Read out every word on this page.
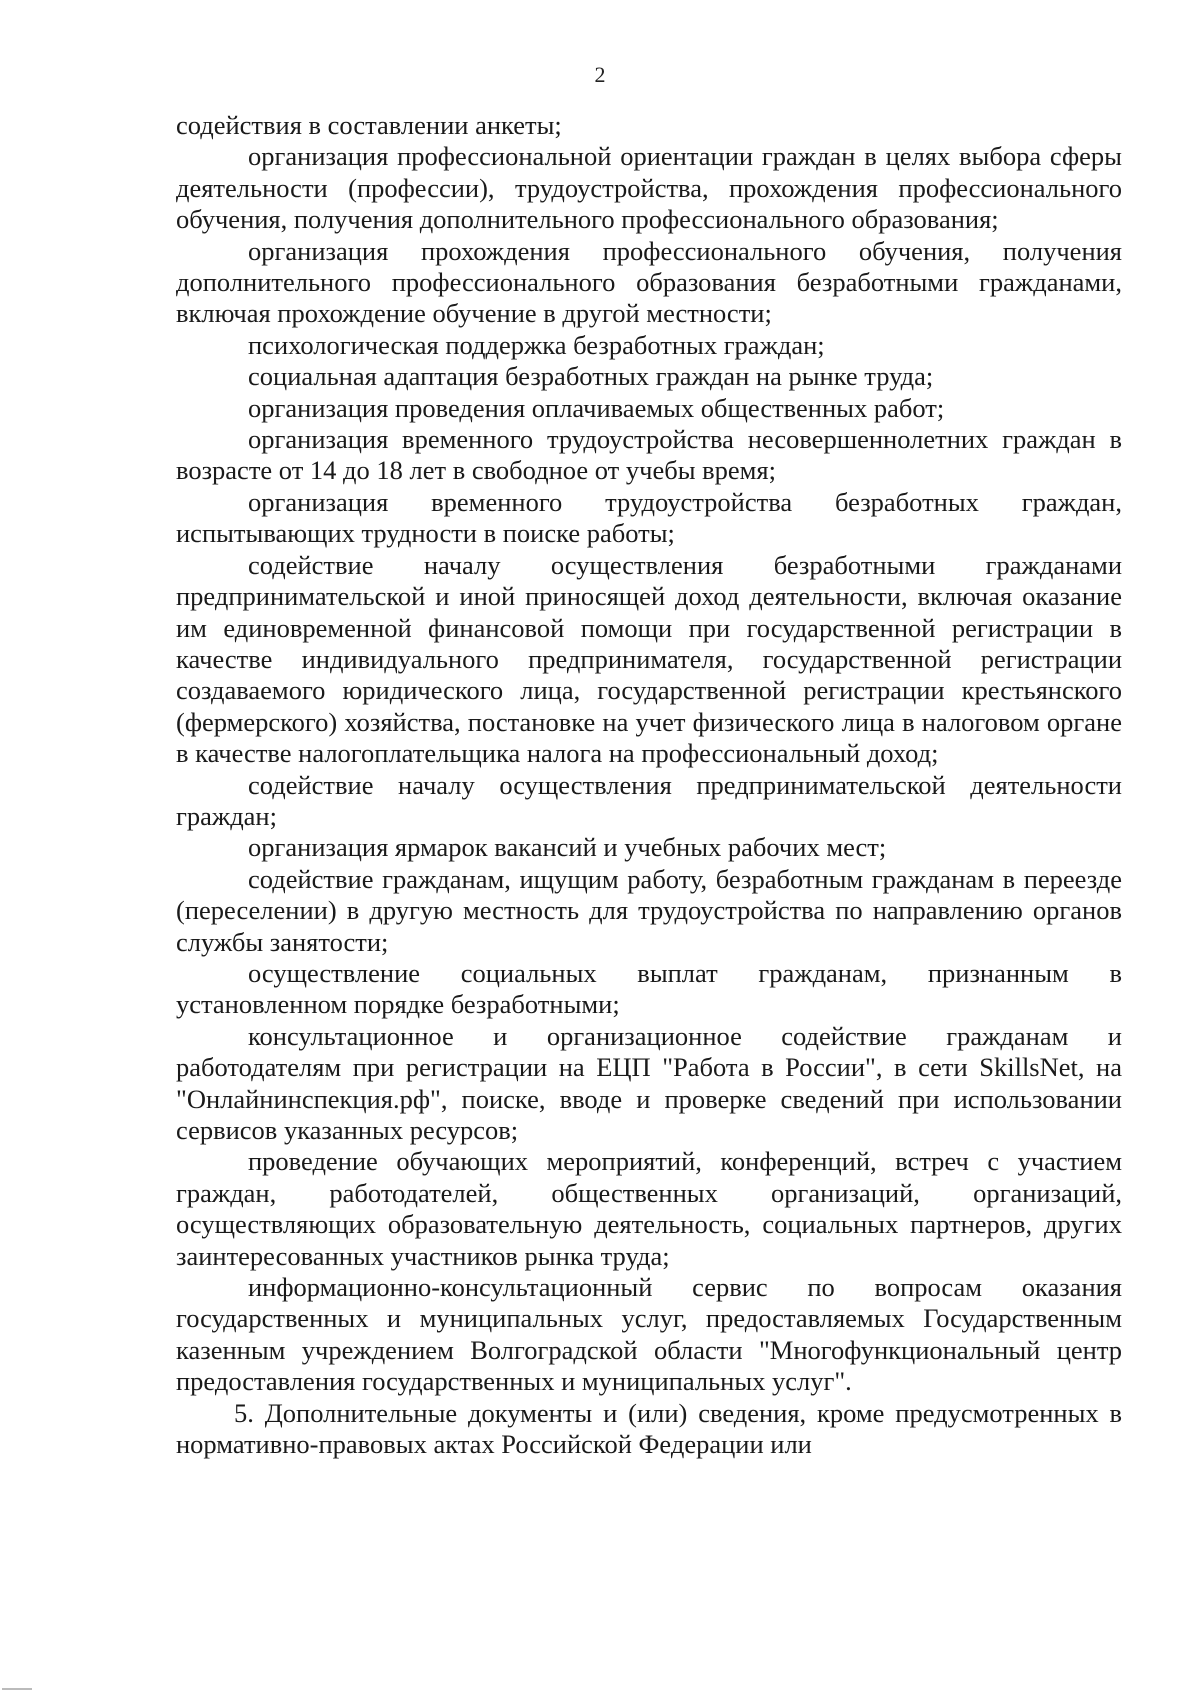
2

содействия в составлении анкеты;

организация профессиональной ориентации граждан в целях выбора сферы деятельности (профессии), трудоустройства, прохождения профессионального обучения, получения дополнительного профессионального образования;

организация прохождения профессионального обучения, получения дополнительного профессионального образования безработными гражданами, включая прохождение обучение в другой местности;

психологическая поддержка безработных граждан;

социальная адаптация безработных граждан на рынке труда;

организация проведения оплачиваемых общественных работ;

организация временного трудоустройства несовершеннолетних граждан в возрасте от 14 до 18 лет в свободное от учебы время;

организация временного трудоустройства безработных граждан, испытывающих трудности в поиске работы;

содействие началу осуществления безработными гражданами предпринимательской и иной приносящей доход деятельности, включая оказание им единовременной финансовой помощи при государственной регистрации в качестве индивидуального предпринимателя, государственной регистрации создаваемого юридического лица, государственной регистрации крестьянского (фермерского) хозяйства, постановке на учет физического лица в налоговом органе в качестве налогоплательщика налога на профессиональный доход;

содействие началу осуществления предпринимательской деятельности граждан;

организация ярмарок вакансий и учебных рабочих мест;

содействие гражданам, ищущим работу, безработным гражданам в переезде (переселении) в другую местность для трудоустройства по направлению органов службы занятости;

осуществление социальных выплат гражданам, признанным в установленном порядке безработными;

консультационное и организационное содействие гражданам и работодателям при регистрации на ЕЦП "Работа в России", в сети SkillsNet, на "Онлайнинспекция.рф", поиске, вводе и проверке сведений при использовании сервисов указанных ресурсов;

проведение обучающих мероприятий, конференций, встреч с участием граждан, работодателей, общественных организаций, организаций, осуществляющих образовательную деятельность, социальных партнеров, других заинтересованных участников рынка труда;

информационно-консультационный сервис по вопросам оказания государственных и муниципальных услуг, предоставляемых Государственным казенным учреждением Волгоградской области "Многофункциональный центр предоставления государственных и муниципальных услуг".

5. Дополнительные документы и (или) сведения, кроме предусмотренных в нормативно-правовых актах Российской Федерации или
